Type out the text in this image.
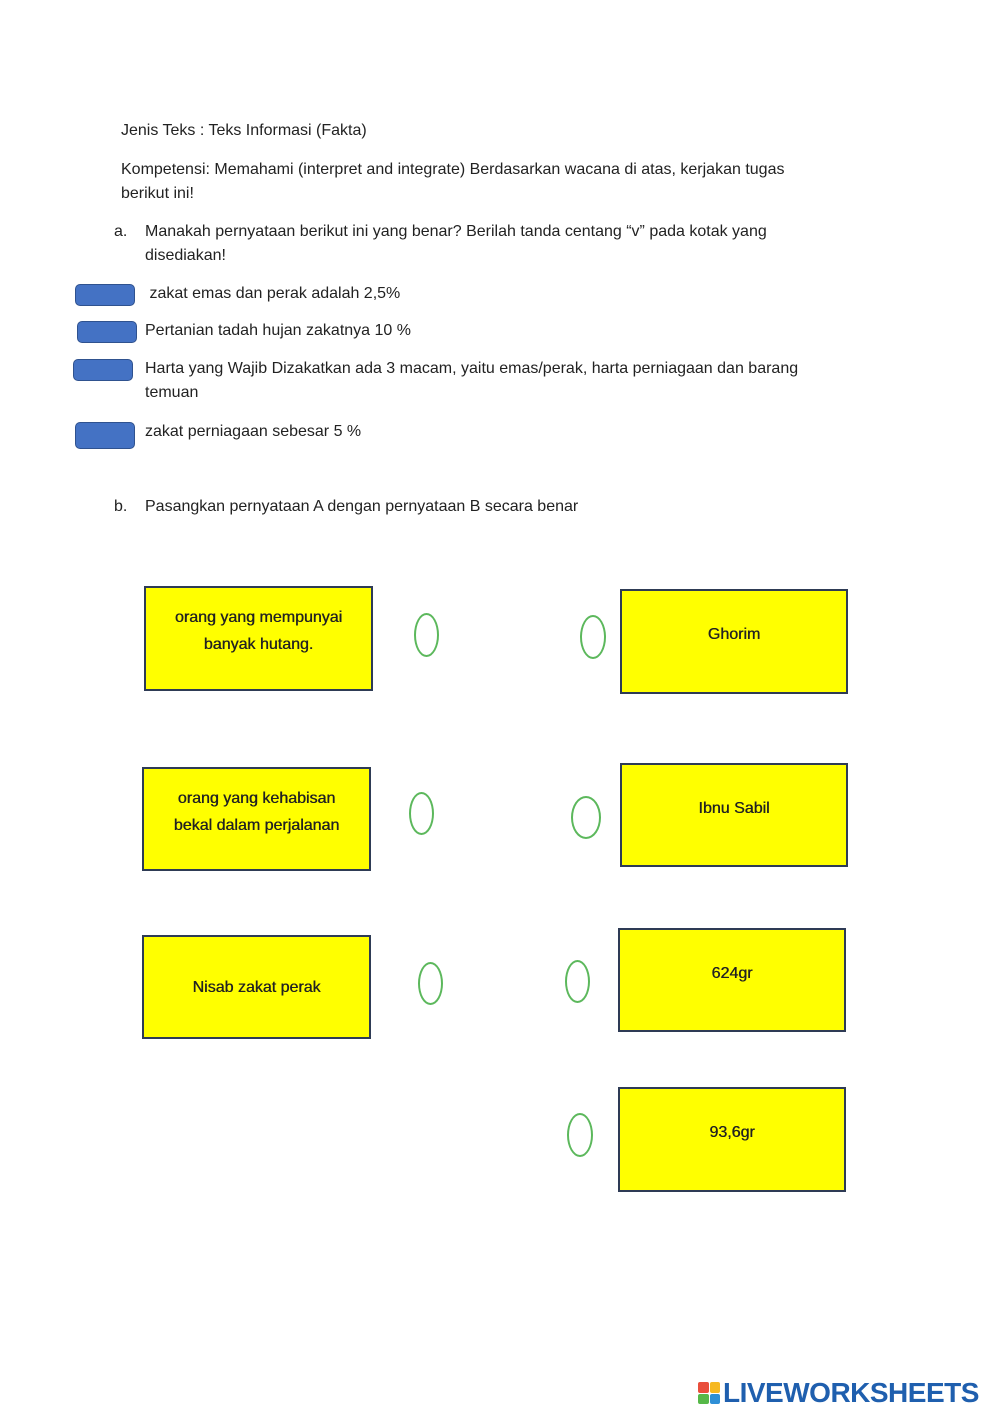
Jenis Teks : Teks Informasi (Fakta)
Kompetensi: Memahami (interpret and integrate) Berdasarkan wacana di atas, kerjakan tugas
berikut ini!
a. Manakah pernyataan berikut ini yang benar? Berilah tanda centang “v” pada kotak yang
disediakan!
zakat emas dan perak adalah 2,5%
Pertanian tadah hujan zakatnya 10 %
Harta yang Wajib Dizakatkan ada 3 macam, yaitu emas/perak, harta perniagaan dan barang
temuan
zakat perniagaan sebesar 5 %
b. Pasangkan pernyataan A dengan pernyataan B secara benar
orang yang mempunyai
banyak hutang.
orang yang kehabisan
bekal dalam perjalanan
Nisab zakat perak
Ghorim
Ibnu Sabil
624gr
93,6gr
LIVEWORKSHEETS
